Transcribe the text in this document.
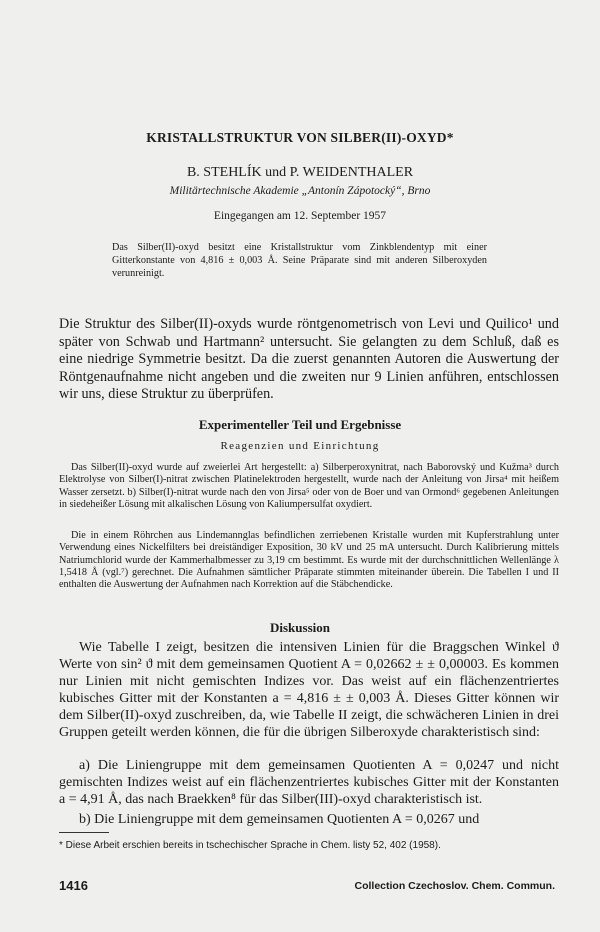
KRISTALLSTRUKTUR VON SILBER(II)-OXYD*
B. STEHLÍK und P. WEIDENTHALER
Militärtechnische Akademie „Antonín Zápotocký“, Brno
Eingegangen am 12. September 1957
Das Silber(II)-oxyd besitzt eine Kristallstruktur vom Zinkblendentyp mit einer Gitterkonstante von 4,816 ± 0,003 Å. Seine Präparate sind mit anderen Silberoxyden verunreinigt.
Die Struktur des Silber(II)-oxyds wurde röntgenometrisch von Levi und Quilico¹ und später von Schwab und Hartmann² untersucht. Sie gelangten zu dem Schluß, daß es eine niedrige Symmetrie besitzt. Da die zuerst genannten Autoren die Auswertung der Röntgenaufnahme nicht angeben und die zweiten nur 9 Linien anführen, entschlossen wir uns, diese Struktur zu überprüfen.
Experimenteller Teil und Ergebnisse
Reagenzien und Einrichtung
Das Silber(II)-oxyd wurde auf zweierlei Art hergestellt: a) Silberperoxynitrat, nach Baborovský und Kužma³ durch Elektrolyse von Silber(I)-nitrat zwischen Platinelektroden hergestellt, wurde nach der Anleitung von Jirsa⁴ mit heißem Wasser zersetzt. b) Silber(I)-nitrat wurde nach den von Jirsa⁵ oder von de Boer und van Ormond⁶ gegebenen Anleitungen in siedeheißer Lösung mit alkalischen Lösung von Kaliumpersulfat oxydiert.
Die in einem Röhrchen aus Lindemannglas befindlichen zerriebenen Kristalle wurden mit Kupferstrahlung unter Verwendung eines Nickelfilters bei dreiständiger Exposition, 30 kV und 25 mA untersucht. Durch Kalibrierung mittels Natriumchlorid wurde der Kammerhalbmesser zu 3,19 cm bestimmt. Es wurde mit der durchschnittlichen Wellenlänge λ 1,5418 Å (vgl.⁷) gerechnet. Die Aufnahmen sämtlicher Präparate stimmten miteinander überein. Die Tabellen I und II enthalten die Auswertung der Aufnahmen nach Korrektion auf die Stäbchendicke.
Diskussion
Wie Tabelle I zeigt, besitzen die intensiven Linien für die Braggschen Winkel ϑ Werte von sin² ϑ mit dem gemeinsamen Quotient A = 0,02662 ± ± 0,00003. Es kommen nur Linien mit nicht gemischten Indizes vor. Das weist auf ein flächenzentriertes kubisches Gitter mit der Konstanten a = 4,816 ± ± 0,003 Å. Dieses Gitter können wir dem Silber(II)-oxyd zuschreiben, da, wie Tabelle II zeigt, die schwächeren Linien in drei Gruppen geteilt werden können, die für die übrigen Silberoxyde charakteristisch sind:
a) Die Liniengruppe mit dem gemeinsamen Quotienten A = 0,0247 und nicht gemischten Indizes weist auf ein flächenzentriertes kubisches Gitter mit der Konstanten a = 4,91 Å, das nach Braekken⁸ für das Silber(III)-oxyd charakteristisch ist.
b) Die Liniengruppe mit dem gemeinsamen Quotienten A = 0,0267 und
* Diese Arbeit erschien bereits in tschechischer Sprache in Chem. listy 52, 402 (1958).
1416	Collection Czechoslov. Chem. Commun.
